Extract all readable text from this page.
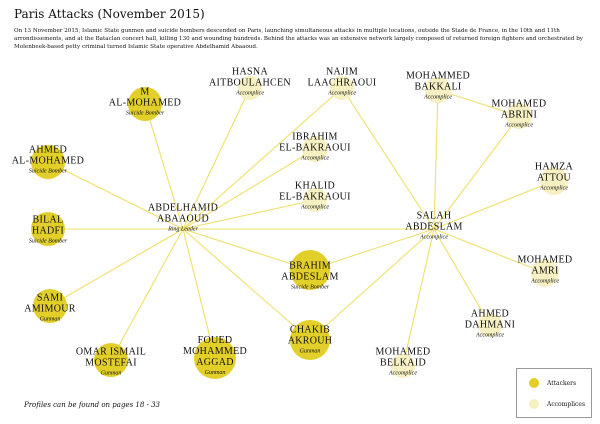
Paris Attacks (November 2015)
On 13 November 2015, Islamic State gunmen and suicide bombers descended on Paris, launching simultaneous attacks in multiple locations, outside the Stade de France, in the 10th and 11th arrondissements, and at the Bataclan concert hall, killing 130 and wounding hundreds. Behind the attacks was an extensive network largely composed of returned foreign fighters and orchestrated by Molenbeek-based petty criminal turned Islamic State operative Abdelhamid Abaaoud.
ABDELHAMID
ABAAOUD
Ring Leader
SALAH
ABDESLAM
Accomplice
M
AL-MOHAMED
Suicide Bomber
AHMED
AL-MOHAMED
Suicide Bomber
BILAL
HADFI
Suicide Bomber
SAMI
AMIMOUR
Gunman
OMAR ISMAIL
MOSTEFAI
Gunman
FOUED
MOHAMMED
AGGAD
Gunman
CHAKIB
AKROUH
Gunman
BRAHIM
ABDESLAM
Suicide Bomber
HASNA
AITBOULAHCEN
Accomplice
NAJIM
LAACHRAOUI
Accomplice
IBRAHIM
EL-BAKRAOUI
Accomplice
KHALID
EL-BAKRAOUI
Accomplice
MOHAMMED
BAKKALI
Accomplice
MOHAMED
ABRINI
Accomplice
HAMZA
ATTOU
Accomplice
MOHAMED
AMRI
Accomplice
AHMED
DAHMANI
Accomplice
MOHAMED
BELKAID
Accomplice
Profiles can be found on pages 18 - 33
Attackers
Accomplices
